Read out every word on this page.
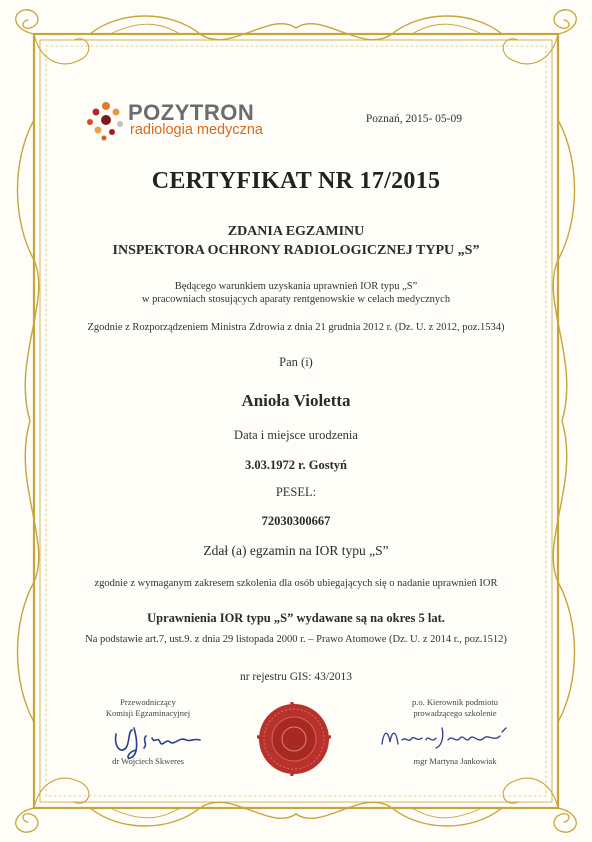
POZYTRON
radiologia medyczna
Poznań, 2015- 05-09
CERTYFIKAT NR 17/2015
ZDANIA EGZAMINU
INSPEKTORA OCHRONY RADIOLOGICZNEJ TYPU „S”
Będącego warunkiem uzyskania uprawnień IOR typu „S”
w pracowniach stosujących aparaty rentgenowskie w celach medycznych
Zgodnie z Rozporządzeniem Ministra Zdrowia z dnia 21 grudnia 2012 r. (Dz. U. z 2012, poz.1534)
Pan (i)
Anioła Violetta
Data i miejsce urodzenia
3.03.1972 r. Gostyń
PESEL:
72030300667
Zdał (a) egzamin na IOR typu „S”
zgodnie z wymaganym zakresem szkolenia dla osób ubiegających się o nadanie uprawnień IOR
Uprawnienia IOR typu „S” wydawane są na okres 5 lat.
Na podstawie art.7, ust.9. z dnia 29 listopada 2000 r. – Prawo Atomowe (Dz. U. z 2014 r., poz.1512)
nr rejestru GIS: 43/2013
Przewodniczący
Komisji Egzaminacyjnej
dr Wojciech Skweres
p.o. Kierownik podmiotu
prowadzącego szkolenie
mgr Martyna Jankowiak
